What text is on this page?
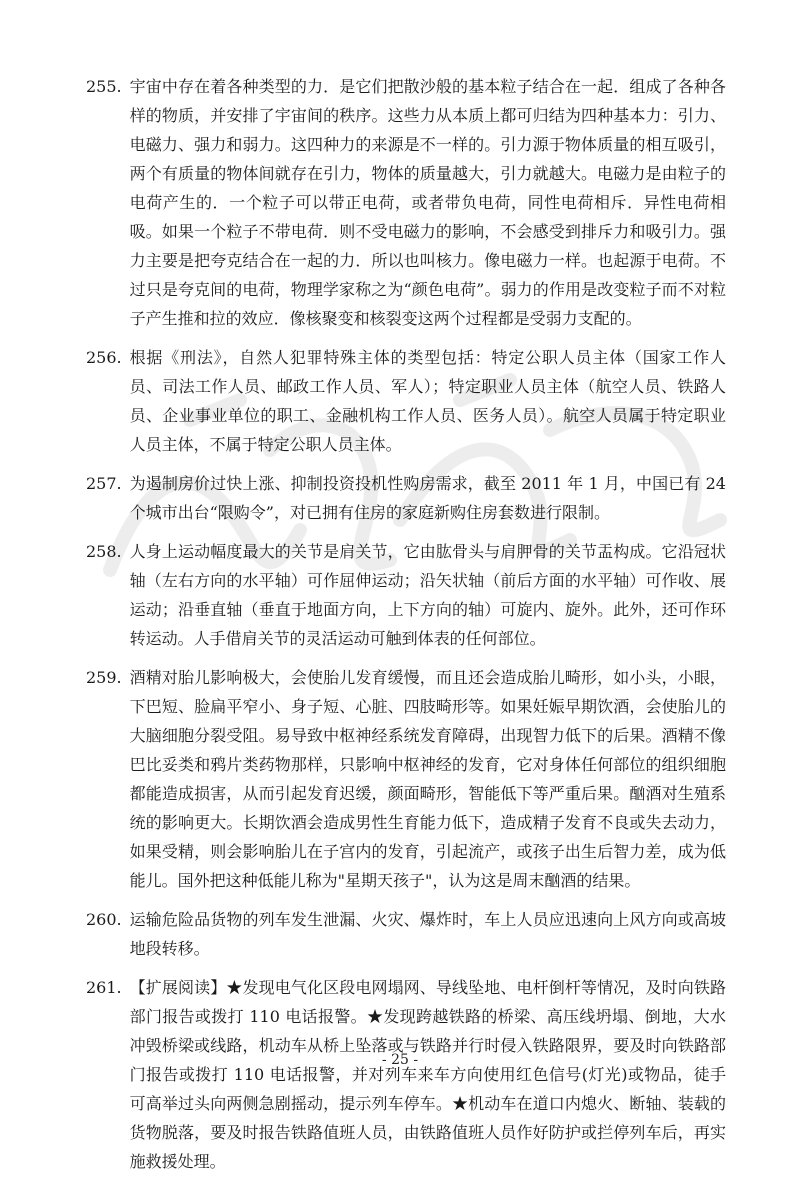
255. 宇宙中存在着各种类型的力．是它们把散沙般的基本粒子结合在一起．组成了各种各样的物质，并安排了宇宙间的秩序。这些力从本质上都可归结为四种基本力：引力、电磁力、强力和弱力。这四种力的来源是不一样的。引力源于物体质量的相互吸引，两个有质量的物体间就存在引力，物体的质量越大，引力就越大。电磁力是由粒子的电荷产生的．一个粒子可以带正电荷，或者带负电荷，同性电荷相斥．异性电荷相吸。如果一个粒子不带电荷．则不受电磁力的影响，不会感受到排斥力和吸引力。强力主要是把夸克结合在一起的力．所以也叫核力。像电磁力一样。也起源于电荷。不过只是夸克间的电荷，物理学家称之为“颜色电荷”。弱力的作用是改变粒子而不对粒子产生推和拉的效应．像核聚变和核裂变这两个过程都是受弱力支配的。
256. 根据《刑法》，自然人犯罪特殊主体的类型包括：特定公职人员主体（国家工作人员、司法工作人员、邮政工作人员、军人）；特定职业人员主体（航空人员、铁路人员、企业事业单位的职工、金融机构工作人员、医务人员）。航空人员属于特定职业人员主体，不属于特定公职人员主体。
257. 为遏制房价过快上涨、抑制投资投机性购房需求，截至 2011 年 1 月，中国已有 24 个城市出台“限购令”，对已拥有住房的家庭新购住房套数进行限制。
258. 人身上运动幅度最大的关节是肩关节，它由肱骨头与肩胛骨的关节盂构成。它沿冠状轴（左右方向的水平轴）可作屈伸运动；沿矢状轴（前后方面的水平轴）可作收、展运动；沿垂直轴（垂直于地面方向，上下方向的轴）可旋内、旋外。此外，还可作环转运动。人手借肩关节的灵活运动可触到体表的任何部位。
259. 酒精对胎儿影响极大，会使胎儿发育缓慢，而且还会造成胎儿畸形，如小头，小眼，下巴短、脸扁平窄小、身子短、心脏、四肢畸形等。如果妊娠早期饮酒，会使胎儿的大脑细胞分裂受阻。易导致中枢神经系统发育障碍，出现智力低下的后果。酒精不像巴比妥类和鸦片类药物那样，只影响中枢神经的发育，它对身体任何部位的组织细胞都能造成损害，从而引起发育迟缓，颜面畸形，智能低下等严重后果。酗酒对生殖系统的影响更大。长期饮酒会造成男性生育能力低下，造成精子发育不良或失去动力，如果受精，则会影响胎儿在子宫内的发育，引起流产，或孩子出生后智力差，成为低能儿。国外把这种低能儿称为"星期天孩子"，认为这是周末酗酒的结果。
260. 运输危险品货物的列车发生泄漏、火灾、爆炸时，车上人员应迅速向上风方向或高坡地段转移。
261. 【扩展阅读】★发现电气化区段电网塌网、导线坠地、电杆倒杆等情况，及时向铁路部门报告或拨打 110 电话报警。★发现跨越铁路的桥梁、高压线坍塌、倒地，大水冲毁桥梁或线路，机动车从桥上坠落或与铁路并行时侵入铁路限界，要及时向铁路部门报告或拨打 110 电话报警，并对列车来车方向使用红色信号(灯光)或物品，徒手可高举过头向两侧急剧摇动，提示列车停车。★机动车在道口内熄火、断轴、装载的货物脱落，要及时报告铁路值班人员，由铁路值班人员作好防护或拦停列车后，再实施救援处理。
- 25 -
